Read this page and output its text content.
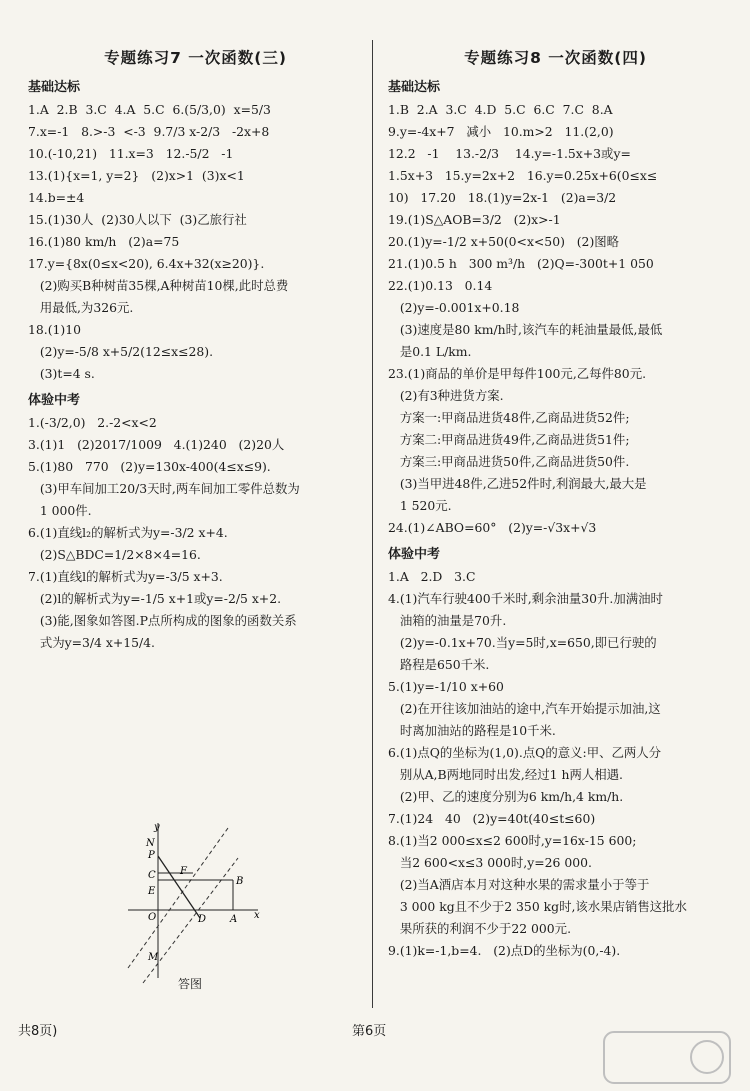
专题练习7 一次函数(三)
基础达标
1.A  2.B  3.C  4.A  5.C  6.(5/3,0)  x=5/3
7.x=-1   8.>-3  <-3  9.7/3 x-2/3   -2x+8
10.(-10,21)   11.x=3   12.-5/2   -1
13.(1){x=1, y=2}   (2)x>1  (3)x<1
14.b=±4
15.(1)30人  (2)30人以下  (3)乙旅行社
16.(1)80 km/h   (2)a=75
17.y={8x(0≤x<20), 6.4x+32(x≥20)}.
(2)购买B种树苗35棵,A种树苗10棵,此时总费
用最低,为326元.
18.(1)10
(2)y=-5/8 x+5/2(12≤x≤28).
(3)t=4 s.
体验中考
1.(-3/2,0)   2.-2<x<2
3.(1)1   (2)2017/1009   4.(1)240   (2)20人
5.(1)80   770   (2)y=130x-400(4≤x≤9).
(3)甲车间加工20/3天时,两车间加工零件总数为
1 000件.
6.(1)直线l₂的解析式为y=-3/2 x+4.
(2)S△BDC=1/2×8×4=16.
7.(1)直线l的解析式为y=-3/5 x+3.
(2)l的解析式为y=-1/5 x+1或y=-2/5 x+2.
(3)能,图象如答图.P点所构成的图象的函数关系
式为y=3/4 x+15/4.
y
N
P
F
C
E
B
O	D A x
M
答图
专题练习8 一次函数(四)
基础达标
1.B  2.A  3.C  4.D  5.C  6.C  7.C  8.A
9.y=-4x+7   减小   10.m>2   11.(2,0)
12.2   -1    13.-2/3    14.y=-1.5x+3或y=
1.5x+3   15.y=2x+2   16.y=0.25x+6(0≤x≤
10)   17.20   18.(1)y=2x-1   (2)a=3/2
19.(1)S△AOB=3/2   (2)x>-1
20.(1)y=-1/2 x+50(0<x<50)   (2)图略
21.(1)0.5 h   300 m³/h   (2)Q=-300t+1 050
22.(1)0.13   0.14
(2)y=-0.001x+0.18
(3)速度是80 km/h时,该汽车的耗油量最低,最低
是0.1 L/km.
23.(1)商品的单价是甲每件100元,乙每件80元.
(2)有3种进货方案.
方案一:甲商品进货48件,乙商品进货52件;
方案二:甲商品进货49件,乙商品进货51件;
方案三:甲商品进货50件,乙商品进货50件.
(3)当甲进48件,乙进52件时,利润最大,最大是
1 520元.
24.(1)∠ABO=60°   (2)y=-√3x+√3
体验中考
1.A   2.D   3.C
4.(1)汽车行驶400千米时,剩余油量30升.加满油时
油箱的油量是70升.
(2)y=-0.1x+70.当y=5时,x=650,即已行驶的
路程是650千米.
5.(1)y=-1/10 x+60
(2)在开往该加油站的途中,汽车开始提示加油,这
时离加油站的路程是10千米.
6.(1)点Q的坐标为(1,0).点Q的意义:甲、乙两人分
别从A,B两地同时出发,经过1 h两人相遇.
(2)甲、乙的速度分别为6 km/h,4 km/h.
7.(1)24   40   (2)y=40t(40≤t≤60)
8.(1)当2 000≤x≤2 600时,y=16x-15 600;
当2 600<x≤3 000时,y=26 000.
(2)当A酒店本月对这种水果的需求量小于等于
3 000 kg且不少于2 350 kg时,该水果店销售这批水
果所获的利润不少于22 000元.
9.(1)k=-1,b=4.   (2)点D的坐标为(0,-4).
共8页)	第6页
